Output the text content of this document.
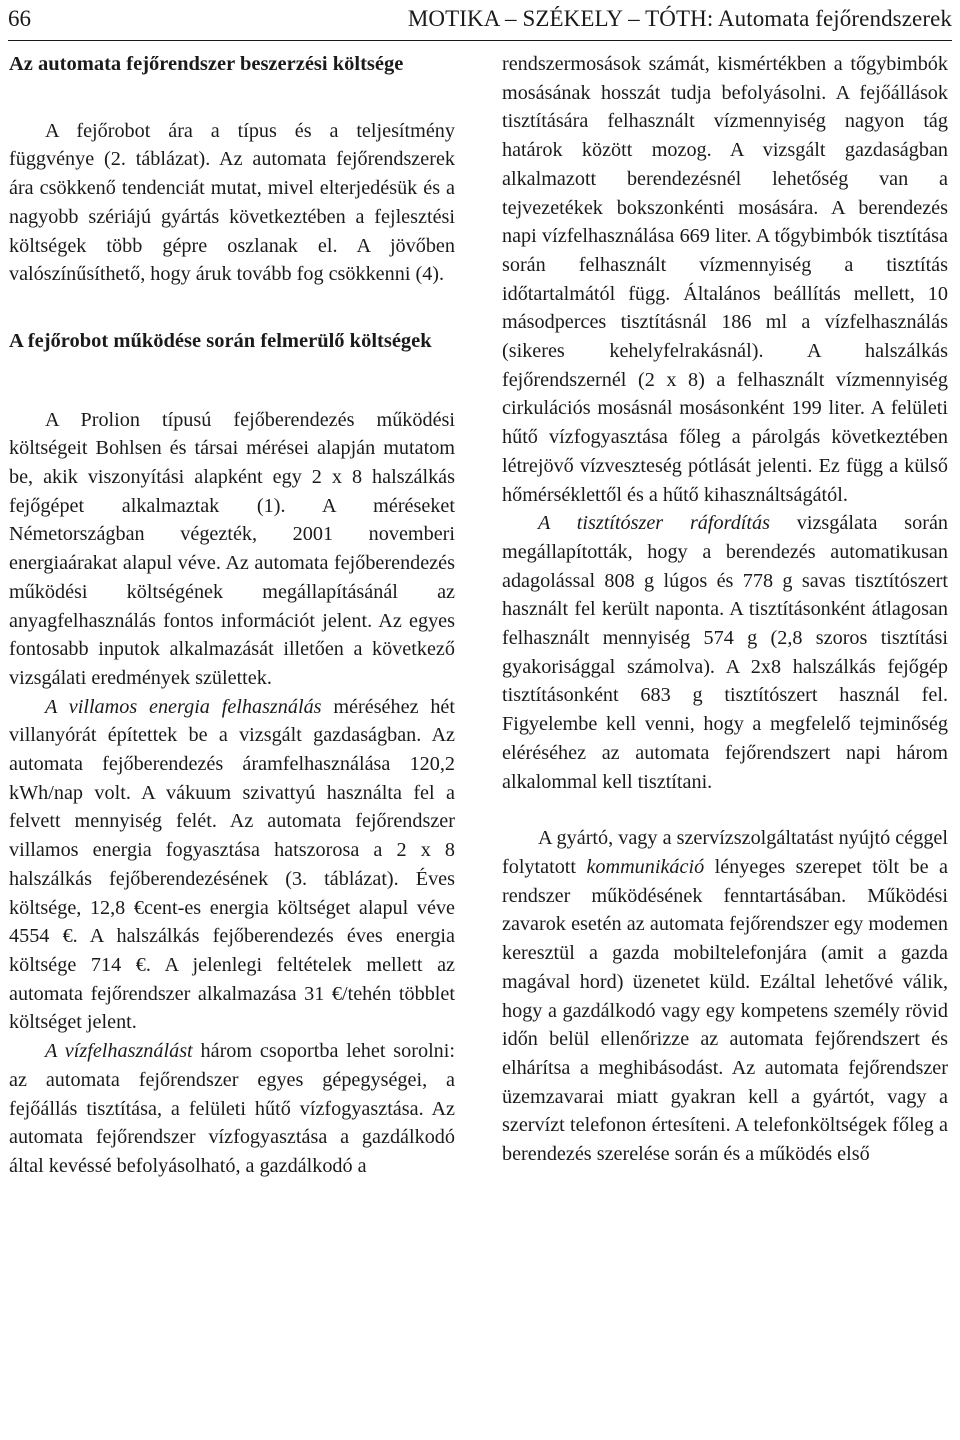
66	MOTIKA – SZÉKELY – TÓTH: Automata fejőrendszerek
Az automata fejőrendszer beszerzési költsége

A fejőrobot ára a típus és a teljesítmény függvénye (2. táblázat). Az automata fejőrendszerek ára csökkenő tendenciát mutat, mivel elterjedésük és a nagyobb szériájú gyártás következtében a fejlesztési költségek több gépre oszlanak el. A jövőben valószínűsíthető, hogy áruk tovább fog csökkenni (4).

A fejőrobot működése során felmerülő költségek

A Prolion típusú fejőberendezés működési költségeit Bohlsen és társai mérései alapján mutatom be, akik viszonyítási alapként egy 2 x 8 halszálkás fejőgépet alkalmaztak (1). A méréseket Németországban végezték, 2001 novemberi energiaárakat alapul véve. Az automata fejőberendezés működési költségének megállapításánál az anyagfelhasználás fontos információt jelent. Az egyes fontosabb inputok alkalmazását illetően a következő vizsgálati eredmények születtek.

A villamos energia felhasználás méréséhez hét villanyórát építettek be a vizsgált gazdaságban. Az automata fejőberendezés áramfelhasználása 120,2 kWh/nap volt. A vákuum szivattyú használta fel a felvett mennyiség felét. Az automata fejőrendszer villamos energia fogyasztása hatszorosa a 2 x 8 halszálkás fejőberendezésének (3. táblázat). Éves költsége, 12,8 €cent-es energia költséget alapul véve 4554 €. A halszálkás fejőberendezés éves energia költsége 714 €. A jelenlegi feltételek mellett az automata fejőrendszer alkalmazása 31 €/tehén többlet költséget jelent.

A vízfelhasználást három csoportba lehet sorolni: az automata fejőrendszer egyes gépegységei, a fejőállás tisztítása, a felületi hűtő vízfogyasztása. Az automata fejőrendszer vízfogyasztása a gazdálkodó által kevéssé befolyásolható, a gazdálkodó a

rendszermosások számát, kismértékben a tőgybimbók mosásának hosszát tudja befolyásolni. A fejőállások tisztítására felhasznált vízmennyiség nagyon tág határok között mozog. A vizsgált gazdaságban alkalmazott berendezésnél lehetőség van a tejvezetékek bokszonkénti mosására. A berendezés napi vízfelhasználása 669 liter. A tőgybimbók tisztítása során felhasznált vízmennyiség a tisztítás időtartalmától függ. Általános beállítás mellett, 10 másodperces tisztításnál 186 ml a vízfelhasználás (sikeres kehelyfelrakásnál). A halszálkás fejőrendszernél (2 x 8) a felhasznált vízmennyiség cirkulációs mosásnál mosásonként 199 liter. A felületi hűtő vízfogyasztása főleg a párolgás következtében létrejövő vízveszteség pótlását jelenti. Ez függ a külső hőmérséklettől és a hűtő kihasználtságától.

A tisztítószer ráfordítás vizsgálata során megállapították, hogy a berendezés automatikusan adagolással 808 g lúgos és 778 g savas tisztítószert használt fel került naponta. A tisztításonként átlagosan felhasznált mennyiség 574 g (2,8 szoros tisztítási gyakorisággal számolva). A 2x8 halszálkás fejőgép tisztításonként 683 g tisztítószert használ fel. Figyelembe kell venni, hogy a megfelelő tejminőség eléréséhez az automata fejőrendszert napi három alkalommal kell tisztítani.

A gyártó, vagy a szervízszolgáltatást nyújtó céggel folytatott kommunikáció lényeges szerepet tölt be a rendszer működésének fenntartásában. Működési zavarok esetén az automata fejőrendszer egy modemen keresztül a gazda mobiltelefonjára (amit a gazda magával hord) üzenetet küld. Ezáltal lehetővé válik, hogy a gazdálkodó vagy egy kompetens személy rövid időn belül ellenőrizze az automata fejőrendszert és elhárítsa a meghibásodást. Az automata fejőrendszer üzemzavarai miatt gyakran kell a gyártót, vagy a szervízt telefonon értesíteni. A telefonköltségek főleg a berendezés szerelése során és a működés első
